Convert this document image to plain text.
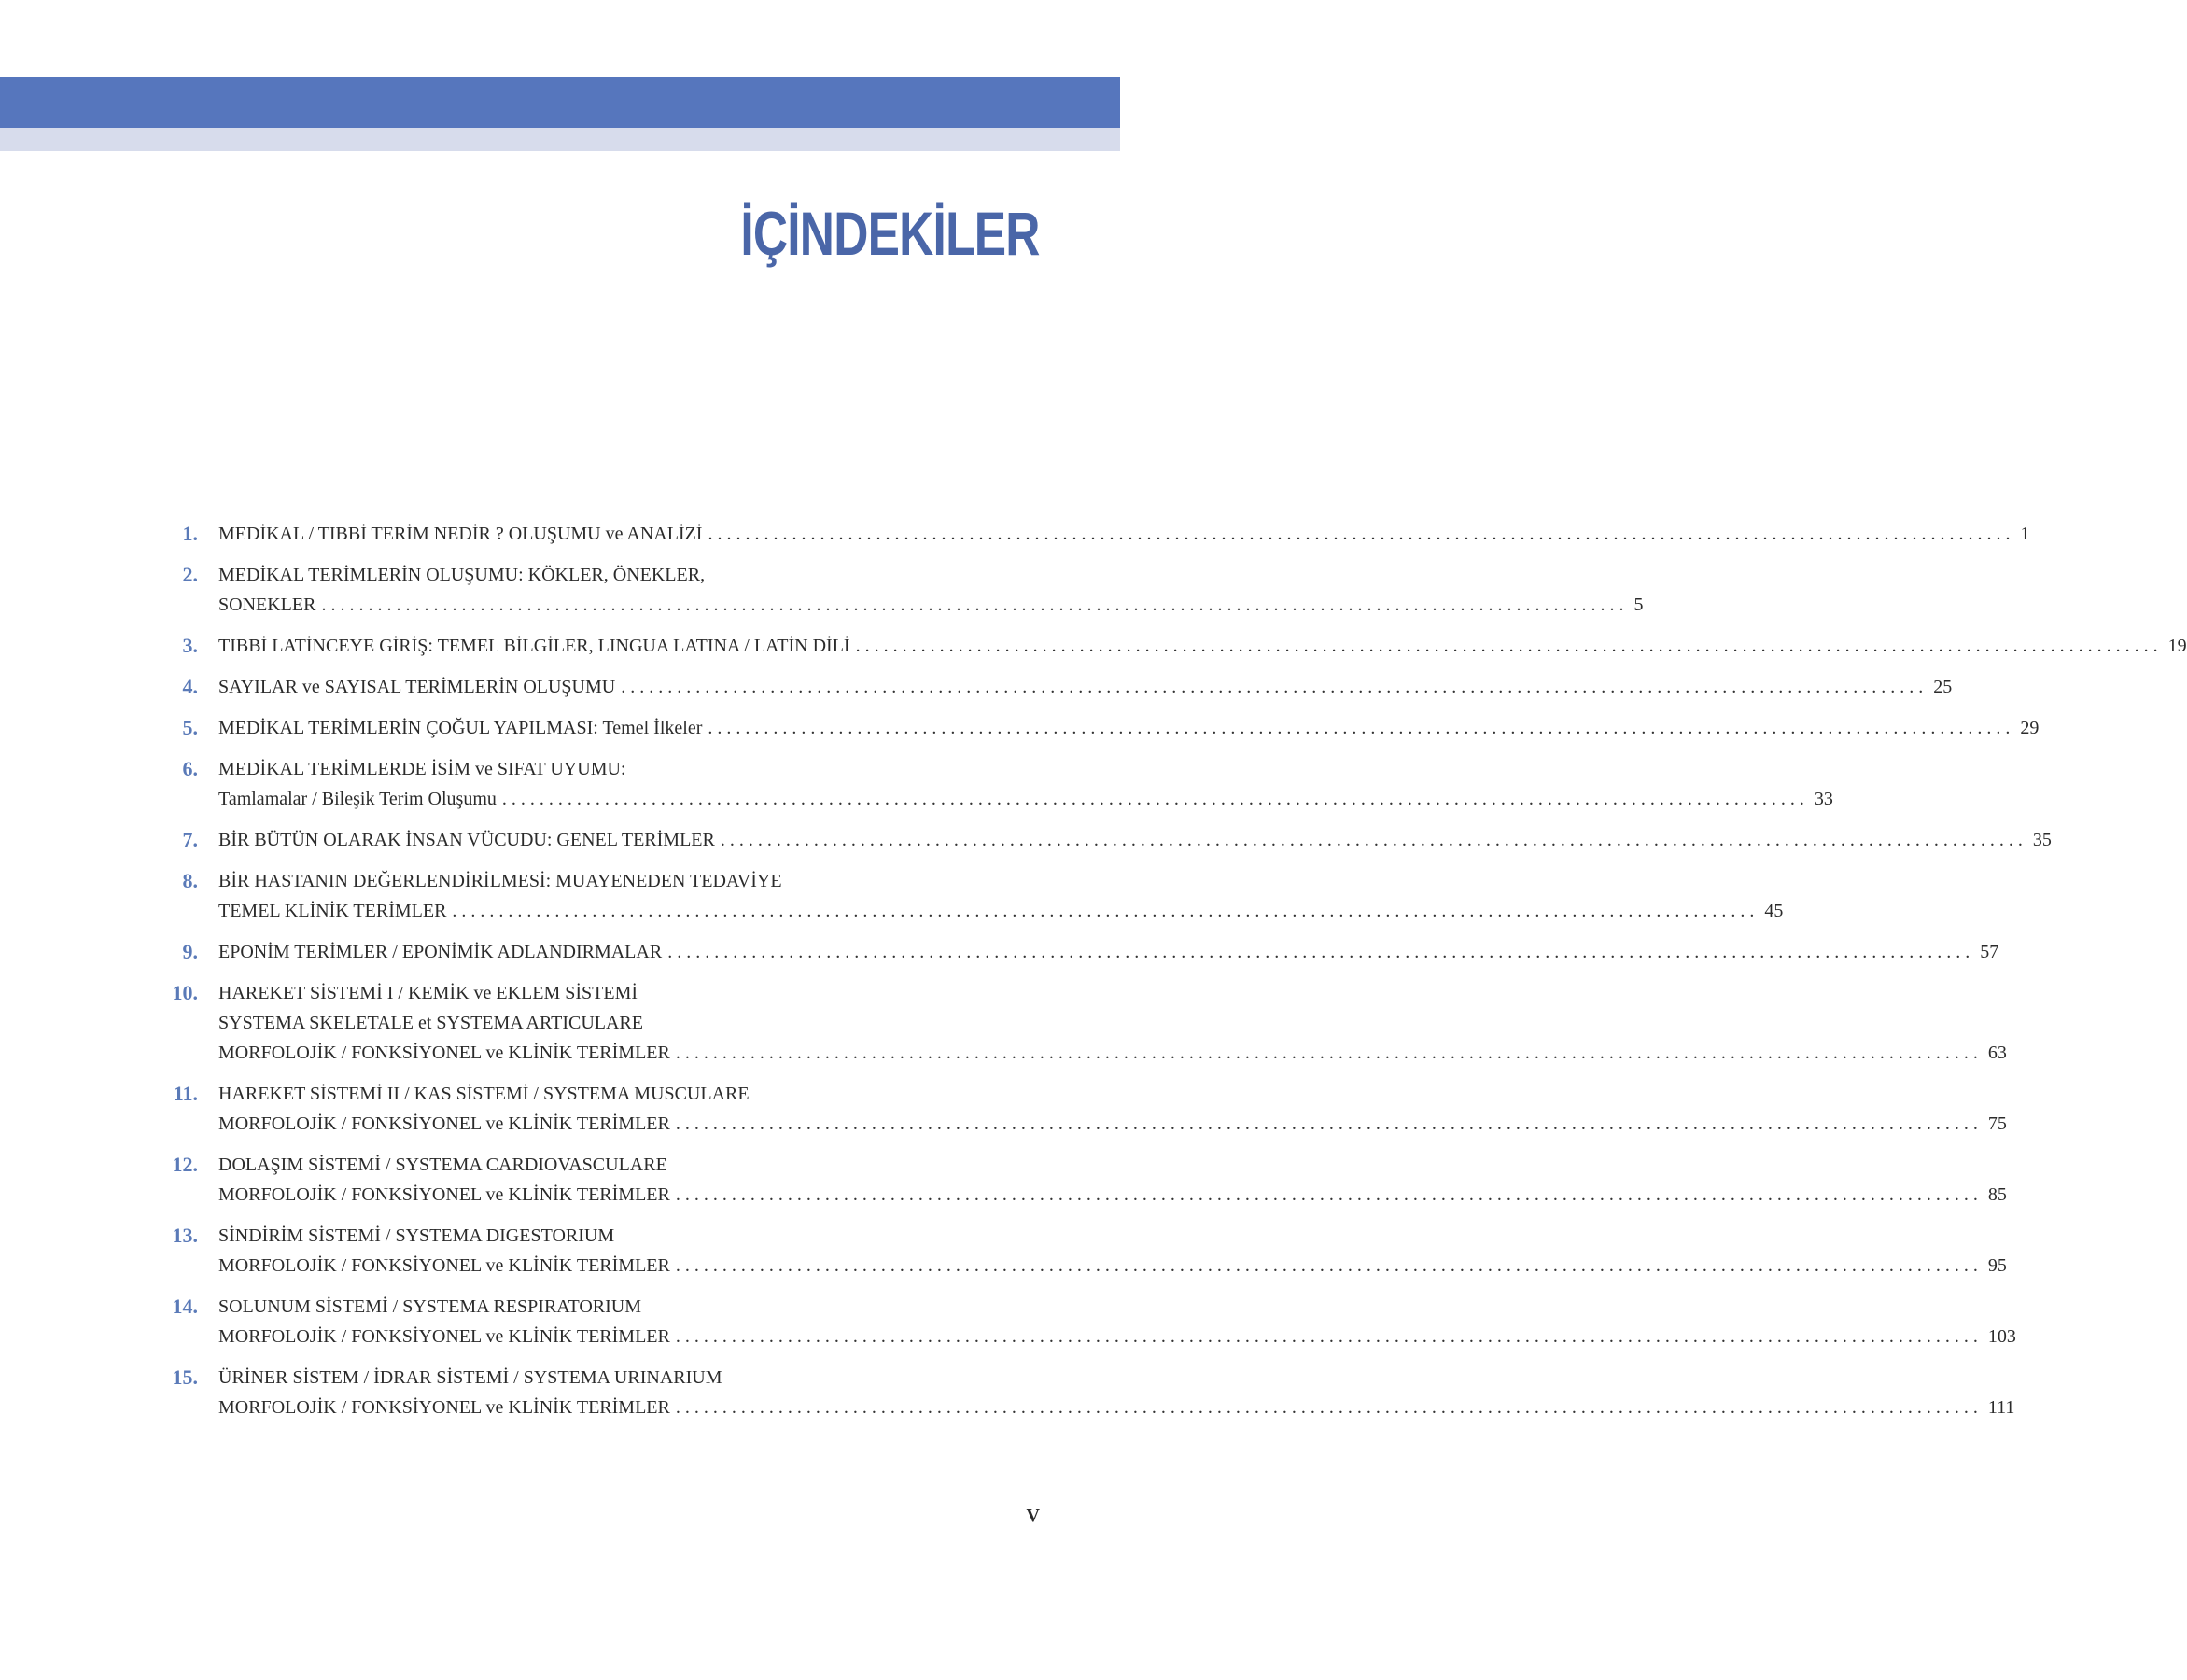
İÇİNDEKİLER
1. MEDİKAL / TIBBİ TERİM NEDİR ? OLUŞUMU ve ANALİZİ ............................................................................................................................................ 1
2. MEDİKAL TERİMLERİN OLUŞUMU: KÖKLER, ÖNEKLER,
SONEKLER ............................................................................................................................................ 5
3. TIBBİ LATİNCEYE GİRİŞ: TEMEL BİLGİLER, LINGUA LATINA / LATİN DİLİ ............................................................................................................................................ 19
4. SAYILAR ve SAYISAL TERİMLERİN OLUŞUMU ............................................................................................................................................ 25
5. MEDİKAL TERİMLERİN ÇOĞUL YAPILMASI: Temel İlkeler ............................................................................................................................................ 29
6. MEDİKAL TERİMLERDE İSİM ve SIFAT UYUMU:
Tamlamalar / Bileşik Terim Oluşumu ............................................................................................................................................ 33
7. BİR BÜTÜN OLARAK İNSAN VÜCUDU: GENEL TERİMLER ............................................................................................................................................ 35
8. BİR HASTANIN DEĞERLENDİRİLMESİ: MUAYENEDEN TEDAVİYE
TEMEL KLİNİK TERİMLER ............................................................................................................................................ 45
9. EPONİM TERİMLER / EPONİMİK ADLANDIRMALAR ............................................................................................................................................ 57
10. HAREKET SİSTEMİ I / KEMİK ve EKLEM SİSTEMİ
SYSTEMA SKELETALE et SYSTEMA ARTICULARE
MORFOLOJİK / FONKSİYONEL ve KLİNİK TERİMLER ............................................................................................................................................ 63
11. HAREKET SİSTEMİ II / KAS SİSTEMİ / SYSTEMA MUSCULARE
MORFOLOJİK / FONKSİYONEL ve KLİNİK TERİMLER ............................................................................................................................................ 75
12. DOLAŞIM SİSTEMİ / SYSTEMA CARDIOVASCULARE
MORFOLOJİK / FONKSİYONEL ve KLİNİK TERİMLER ............................................................................................................................................ 85
13. SİNDİRİM SİSTEMİ / SYSTEMA DIGESTORIUM
MORFOLOJİK / FONKSİYONEL ve KLİNİK TERİMLER ............................................................................................................................................ 95
14. SOLUNUM SİSTEMİ / SYSTEMA RESPIRATORIUM
MORFOLOJİK / FONKSİYONEL ve KLİNİK TERİMLER ............................................................................................................................................ 103
15. ÜRİNER SİSTEM / İDRAR SİSTEMİ / SYSTEMA URINARIUM
MORFOLOJİK / FONKSİYONEL ve KLİNİK TERİMLER ............................................................................................................................................ 111
V
